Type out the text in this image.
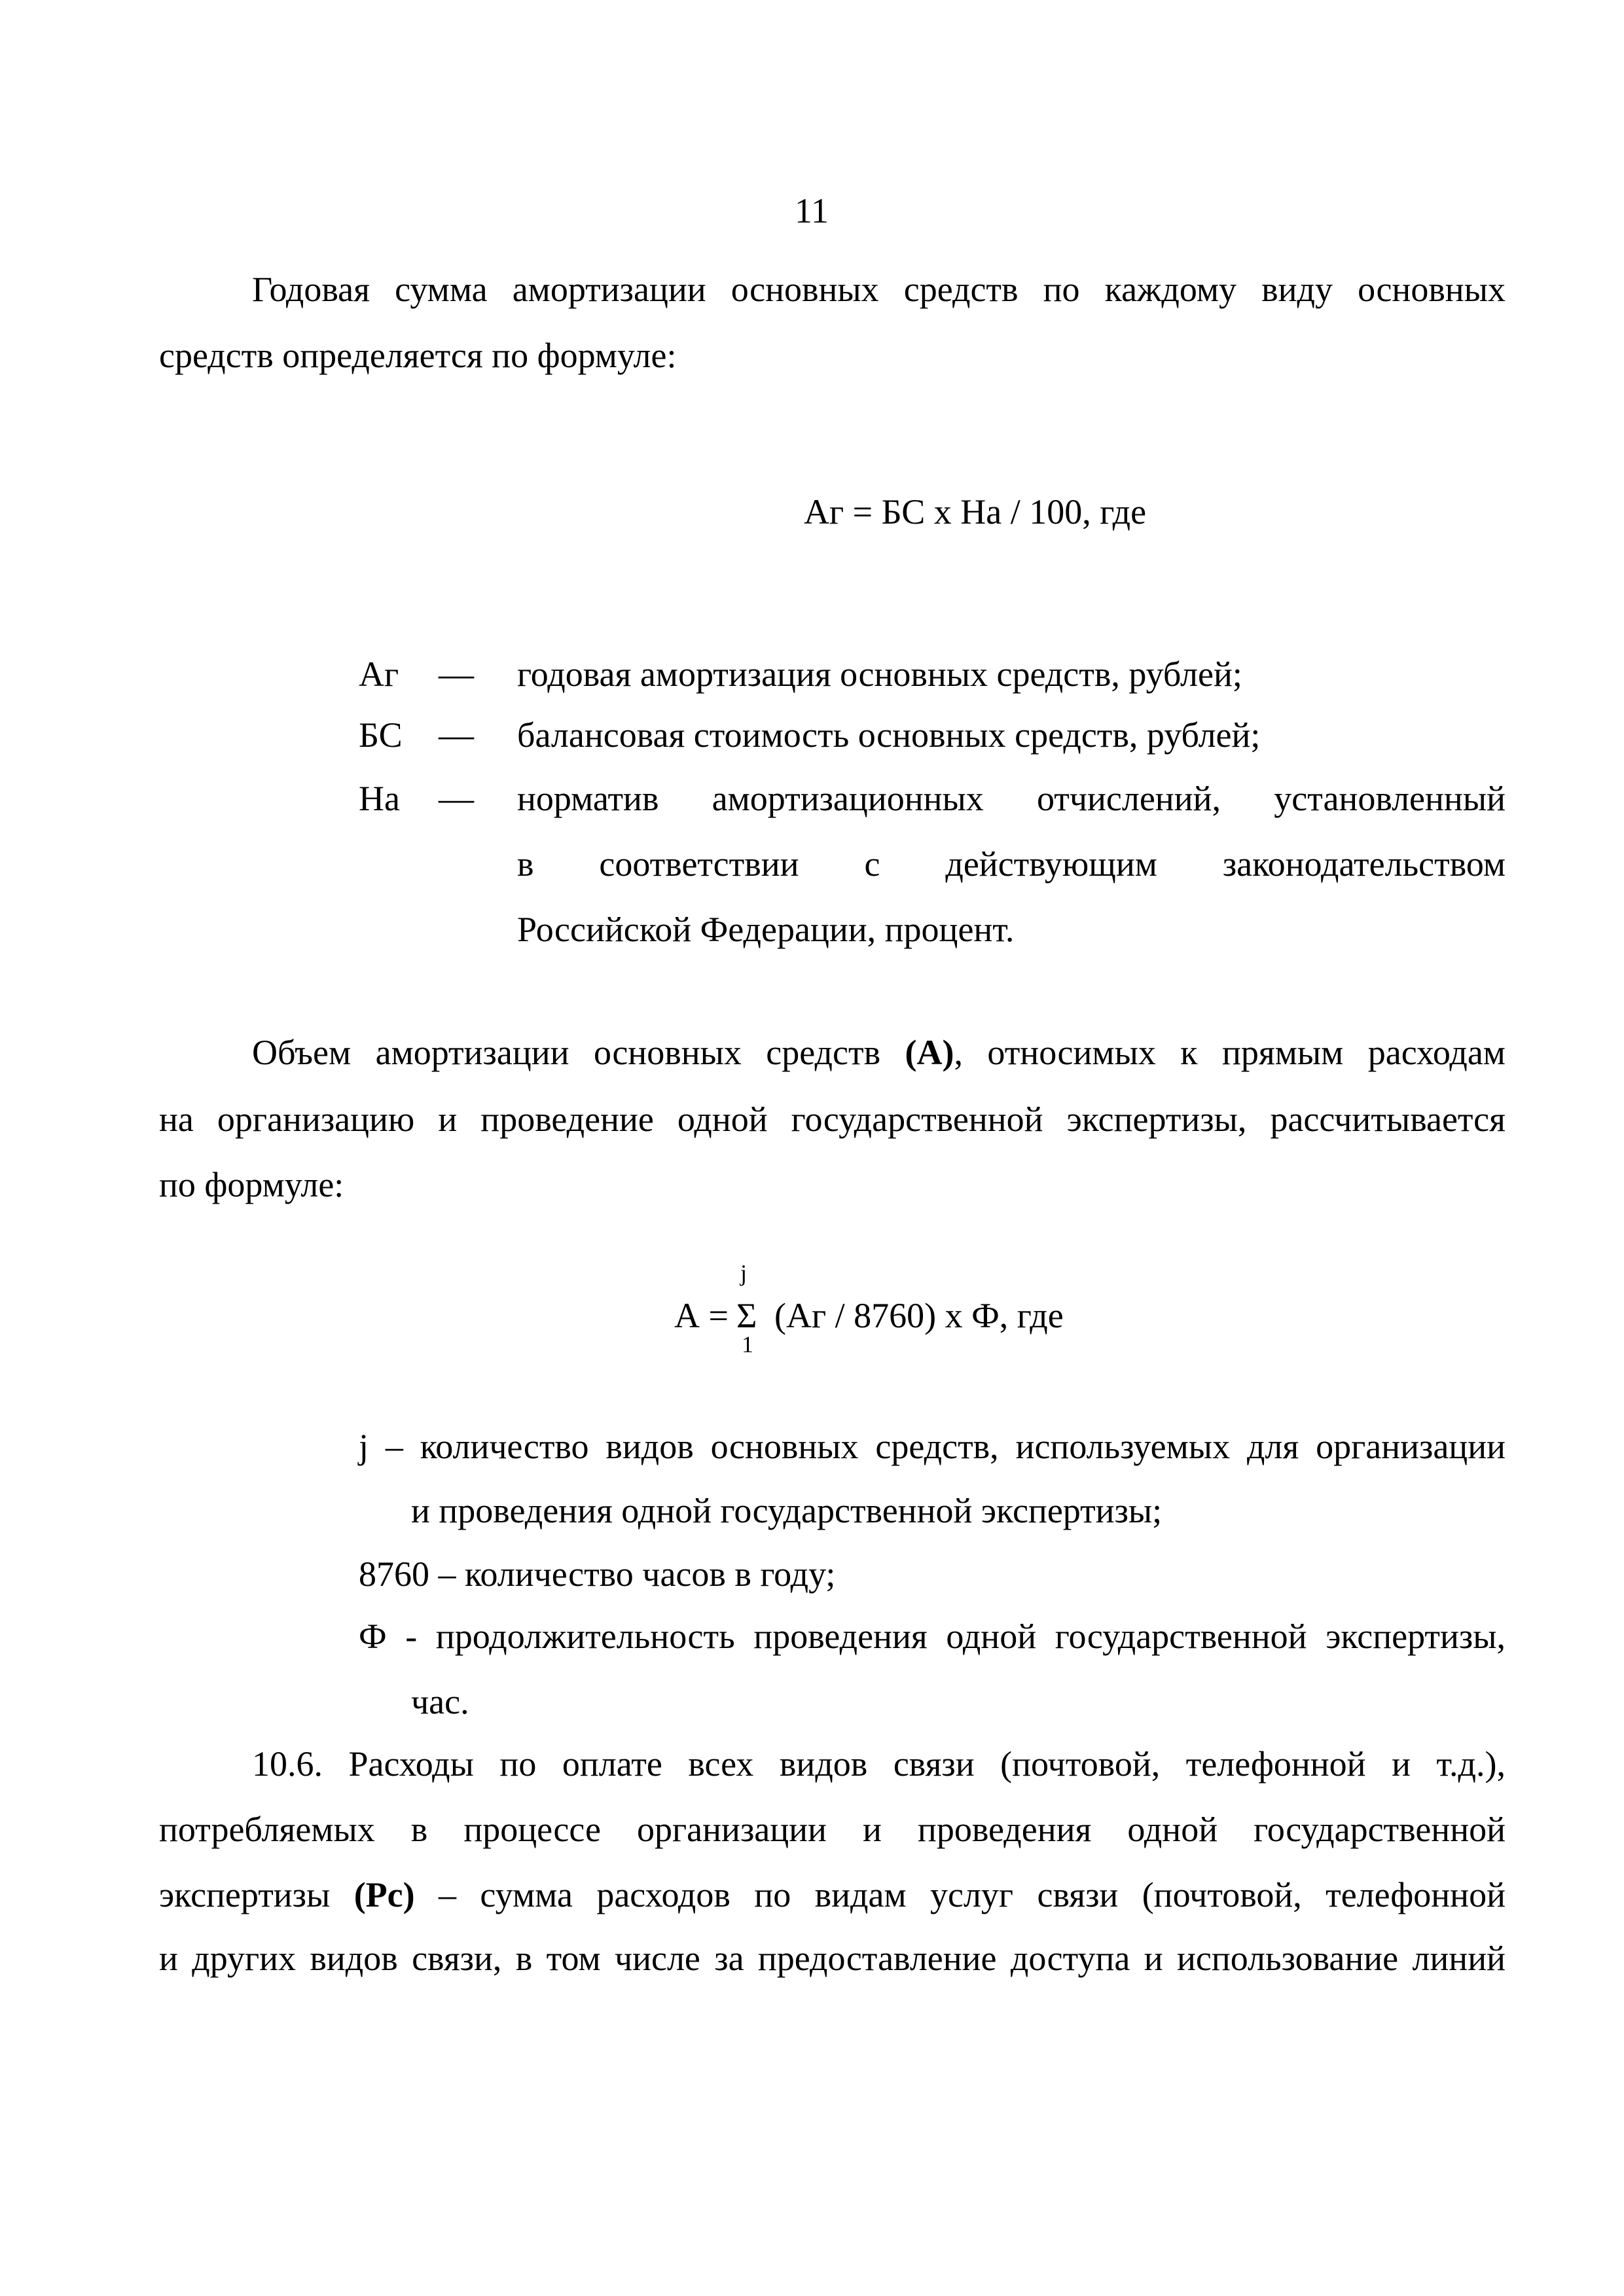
11
Годовая сумма амортизации основных средств по каждому виду основных
средств определяется по формуле:
Аг = БС x На / 100, где
Аг — годовая амортизация основных средств, рублей;
БС — балансовая стоимость основных средств, рублей;
На — норматив амортизационных отчислений, установленный
в соответствии с действующим законодательством
Российской Федерации, процент.
Объем амортизации основных средств (А), относимых к прямым расходам
на организацию и проведение одной государственной экспертизы, рассчитывается
по формуле:
А =
j
Σ
1
(Аг / 8760) x Ф, где
j – количество видов основных средств, используемых для организации
и проведения одной государственной экспертизы;
8760 – количество часов в году;
Ф - продолжительность проведения одной государственной экспертизы,
час.
10.6. Расходы по оплате всех видов связи (почтовой, телефонной и т.д.),
потребляемых в процессе организации и проведения одной государственной
экспертизы (Рс) – сумма расходов по видам услуг связи (почтовой, телефонной
и других видов связи, в том числе за предоставление доступа и использование линий
